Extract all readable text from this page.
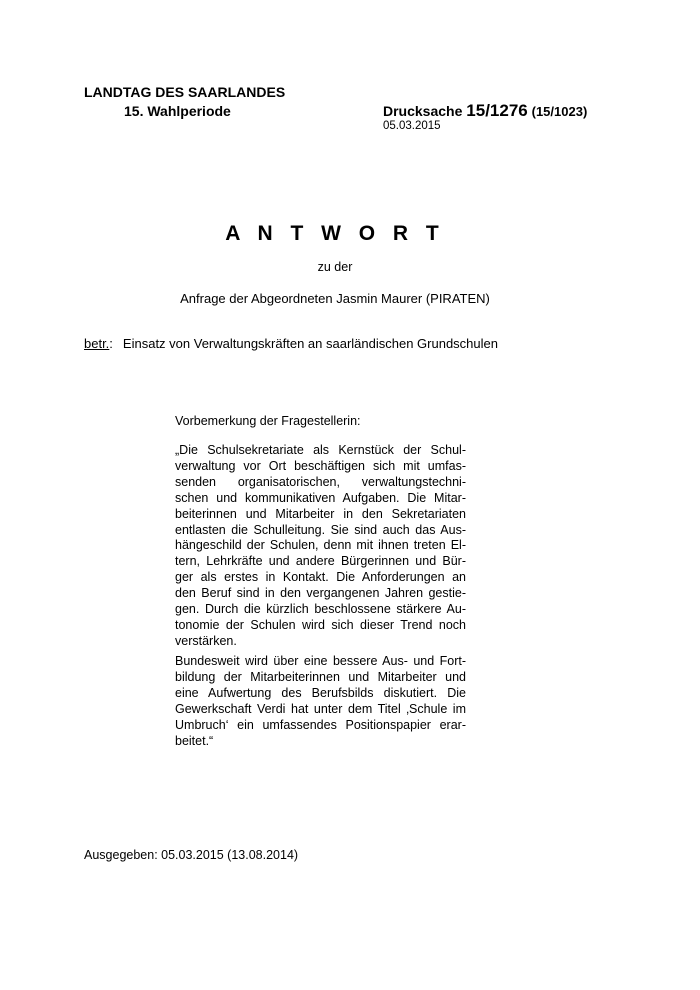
LANDTAG DES SAARLANDES
15. Wahlperiode	Drucksache 15/1276 (15/1023)
05.03.2015
A N T W O R T
zu der
Anfrage der Abgeordneten Jasmin Maurer (PIRATEN)
betr.: Einsatz von Verwaltungskräften an saarländischen Grundschulen
Vorbemerkung der Fragestellerin:
„Die Schulsekretariate als Kernstück der Schul-
verwaltung vor Ort beschäftigen sich mit umfas-
senden organisatorischen, verwaltungstechni-
schen und kommunikativen Aufgaben. Die Mitar-
beiterinnen und Mitarbeiter in den Sekretariaten
entlasten die Schulleitung. Sie sind auch das Aus-
hängeschild der Schulen, denn mit ihnen treten El-
tern, Lehrkräfte und andere Bürgerinnen und Bür-
ger als erstes in Kontakt. Die Anforderungen an
den Beruf sind in den vergangenen Jahren gestie-
gen. Durch die kürzlich beschlossene stärkere Au-
tonomie der Schulen wird sich dieser Trend noch
verstärken.
Bundesweit wird über eine bessere Aus- und Fort-
bildung der Mitarbeiterinnen und Mitarbeiter und
eine Aufwertung des Berufsbilds diskutiert. Die
Gewerkschaft Verdi hat unter dem Titel ‚Schule im
Umbruch‘ ein umfassendes Positionspapier erar-
beitet.“
Ausgegeben: 05.03.2015 (13.08.2014)
